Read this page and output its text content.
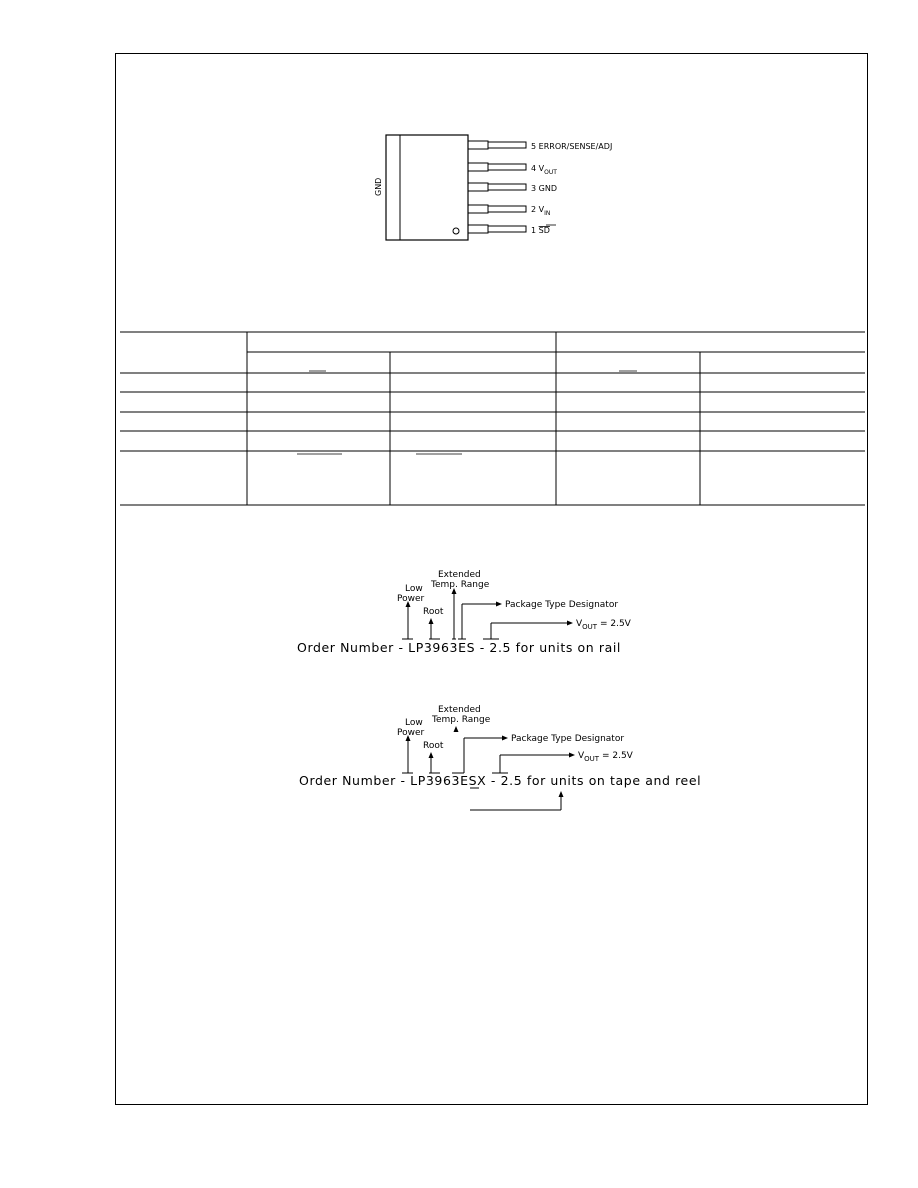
GND
5 ERROR/SENSE/ADJ
4 $V_{OUT}$
3 GND
2 $V_{IN}$
1 SD
Low
Power
Root
Extended
Temp. Range
Package Type Designator
$V_{OUT} = 2.5V$
Order Number - LP3963ES - 2.5 for units on rail
Low
Power
Root
Extended
Temp. Range
Package Type Designator
$V_{OUT} = 2.5V$
Order Number - LP3963ESX - 2.5 for units on tape and reel
